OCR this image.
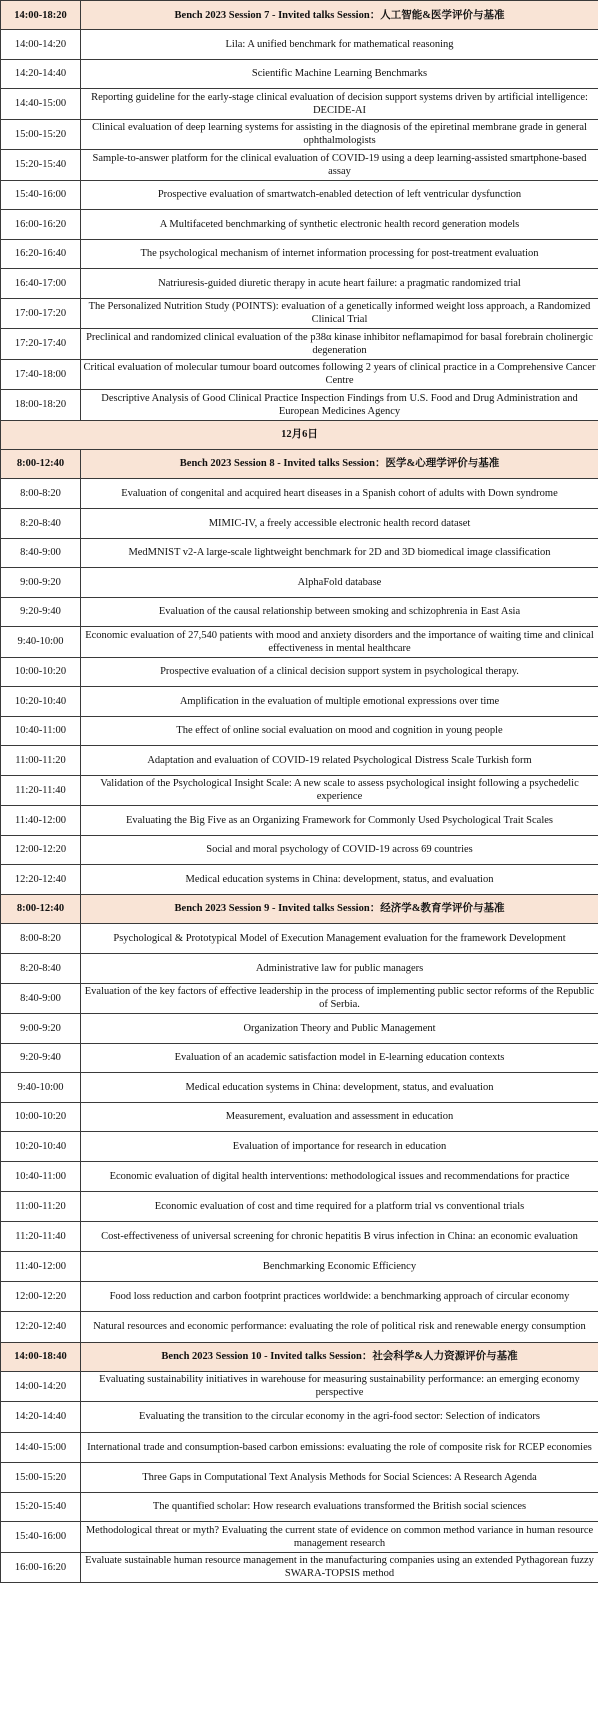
14:00-18:20	Bench 2023 Session 7 - Invited talks Session：人工智能&医学评价与基准
14:00-14:20	Lila: A unified benchmark for mathematical reasoning
14:20-14:40	Scientific Machine Learning Benchmarks
14:40-15:00	Reporting guideline for the early-stage clinical evaluation of decision support systems driven by artificial intelligence: DECIDE-AI
15:00-15:20	Clinical evaluation of deep learning systems for assisting in the diagnosis of the epiretinal membrane grade in general ophthalmologists
15:20-15:40	Sample-to-answer platform for the clinical evaluation of COVID-19 using a deep learning-assisted smartphone-based assay
15:40-16:00	Prospective evaluation of smartwatch-enabled detection of left ventricular dysfunction
16:00-16:20	A Multifaceted benchmarking of synthetic electronic health record generation models
16:20-16:40	The psychological mechanism of internet information processing for post-treatment evaluation
16:40-17:00	Natriuresis-guided diuretic therapy in acute heart failure: a pragmatic randomized trial
17:00-17:20	The Personalized Nutrition Study (POINTS): evaluation of a genetically informed weight loss approach, a Randomized Clinical Trial
17:20-17:40	Preclinical and randomized clinical evaluation of the p38α kinase inhibitor neflamapimod for basal forebrain cholinergic degeneration
17:40-18:00	Critical evaluation of molecular tumour board outcomes following 2 years of clinical practice in a Comprehensive Cancer Centre
18:00-18:20	Descriptive Analysis of Good Clinical Practice Inspection Findings from U.S. Food and Drug Administration and European Medicines Agency
12月6日	
8:00-12:40	Bench 2023 Session 8 - Invited talks Session：医学&心理学评价与基准
8:00-8:20	Evaluation of congenital and acquired heart diseases in a Spanish cohort of adults with Down syndrome
8:20-8:40	MIMIC-IV, a freely accessible electronic health record dataset
8:40-9:00	MedMNIST v2-A large-scale lightweight benchmark for 2D and 3D biomedical image classification
9:00-9:20	AlphaFold database
9:20-9:40	Evaluation of the causal relationship between smoking and schizophrenia in East Asia
9:40-10:00	Economic evaluation of 27,540 patients with mood and anxiety disorders and the importance of waiting time and clinical effectiveness in mental healthcare
10:00-10:20	Prospective evaluation of a clinical decision support system in psychological therapy.
10:20-10:40	Amplification in the evaluation of multiple emotional expressions over time
10:40-11:00	The effect of online social evaluation on mood and cognition in young people
11:00-11:20	Adaptation and evaluation of COVID-19 related Psychological Distress Scale Turkish form
11:20-11:40	Validation of the Psychological Insight Scale: A new scale to assess psychological insight following a psychedelic experience
11:40-12:00	Evaluating the Big Five as an Organizing Framework for Commonly Used Psychological Trait Scales
12:00-12:20	Social and moral psychology of COVID-19 across 69 countries
12:20-12:40	Medical education systems in China: development, status, and evaluation
8:00-12:40	Bench 2023 Session 9 - Invited talks Session：经济学&教育学评价与基准
8:00-8:20	Psychological & Prototypical Model of Execution Management evaluation for the framework Development
8:20-8:40	Administrative law for public managers
8:40-9:00	Evaluation of the key factors of effective leadership in the process of implementing public sector reforms of the Republic of Serbia.
9:00-9:20	Organization Theory and Public Management
9:20-9:40	Evaluation of an academic satisfaction model in E-learning education contexts
9:40-10:00	Medical education systems in China: development, status, and evaluation
10:00-10:20	Measurement, evaluation and assessment in education
10:20-10:40	Evaluation of importance for research in education
10:40-11:00	Economic evaluation of digital health interventions: methodological issues and recommendations for practice
11:00-11:20	Economic evaluation of cost and time required for a platform trial vs conventional trials
11:20-11:40	Cost-effectiveness of universal screening for chronic hepatitis B virus infection in China: an economic evaluation
11:40-12:00	Benchmarking Economic Efficiency
12:00-12:20	Food loss reduction and carbon footprint practices worldwide: a benchmarking approach of circular economy
12:20-12:40	Natural resources and economic performance: evaluating the role of political risk and renewable energy consumption
14:00-18:40	Bench 2023 Session 10 - Invited talks Session：社会科学&人力资源评价与基准
14:00-14:20	Evaluating sustainability initiatives in warehouse for measuring sustainability performance: an emerging economy perspective
14:20-14:40	Evaluating the transition to the circular economy in the agri-food sector: Selection of indicators
14:40-15:00	International trade and consumption-based carbon emissions: evaluating the role of composite risk for RCEP economies
15:00-15:20	Three Gaps in Computational Text Analysis Methods for Social Sciences: A Research Agenda
15:20-15:40	The quantified scholar: How research evaluations transformed the British social sciences
15:40-16:00	Methodological threat or myth? Evaluating the current state of evidence on common method variance in human resource management research
16:00-16:20	Evaluate sustainable human resource management in the manufacturing companies using an extended Pythagorean fuzzy SWARA-TOPSIS method
